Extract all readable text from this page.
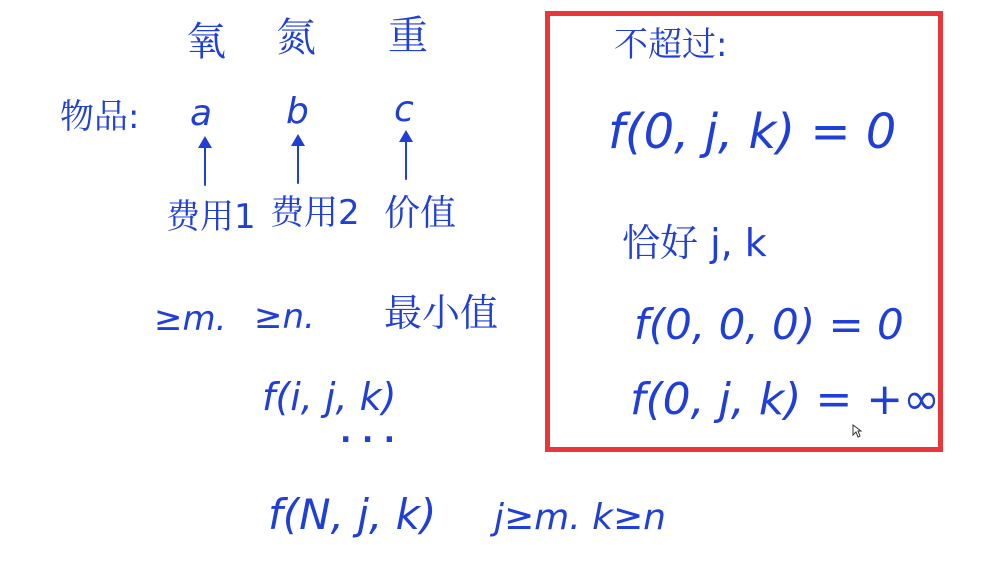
氧 氮 重
物品: a b c
费用1 费用2 价值
≥m. ≥n. 最小值
f(i, j, k)
. . .
f(N, j, k) j≥m. k≥n
不超过:
f(0, j, k) = 0
恰好 j, k
f(0, 0, 0) = 0
f(0, j, k) = +∞
